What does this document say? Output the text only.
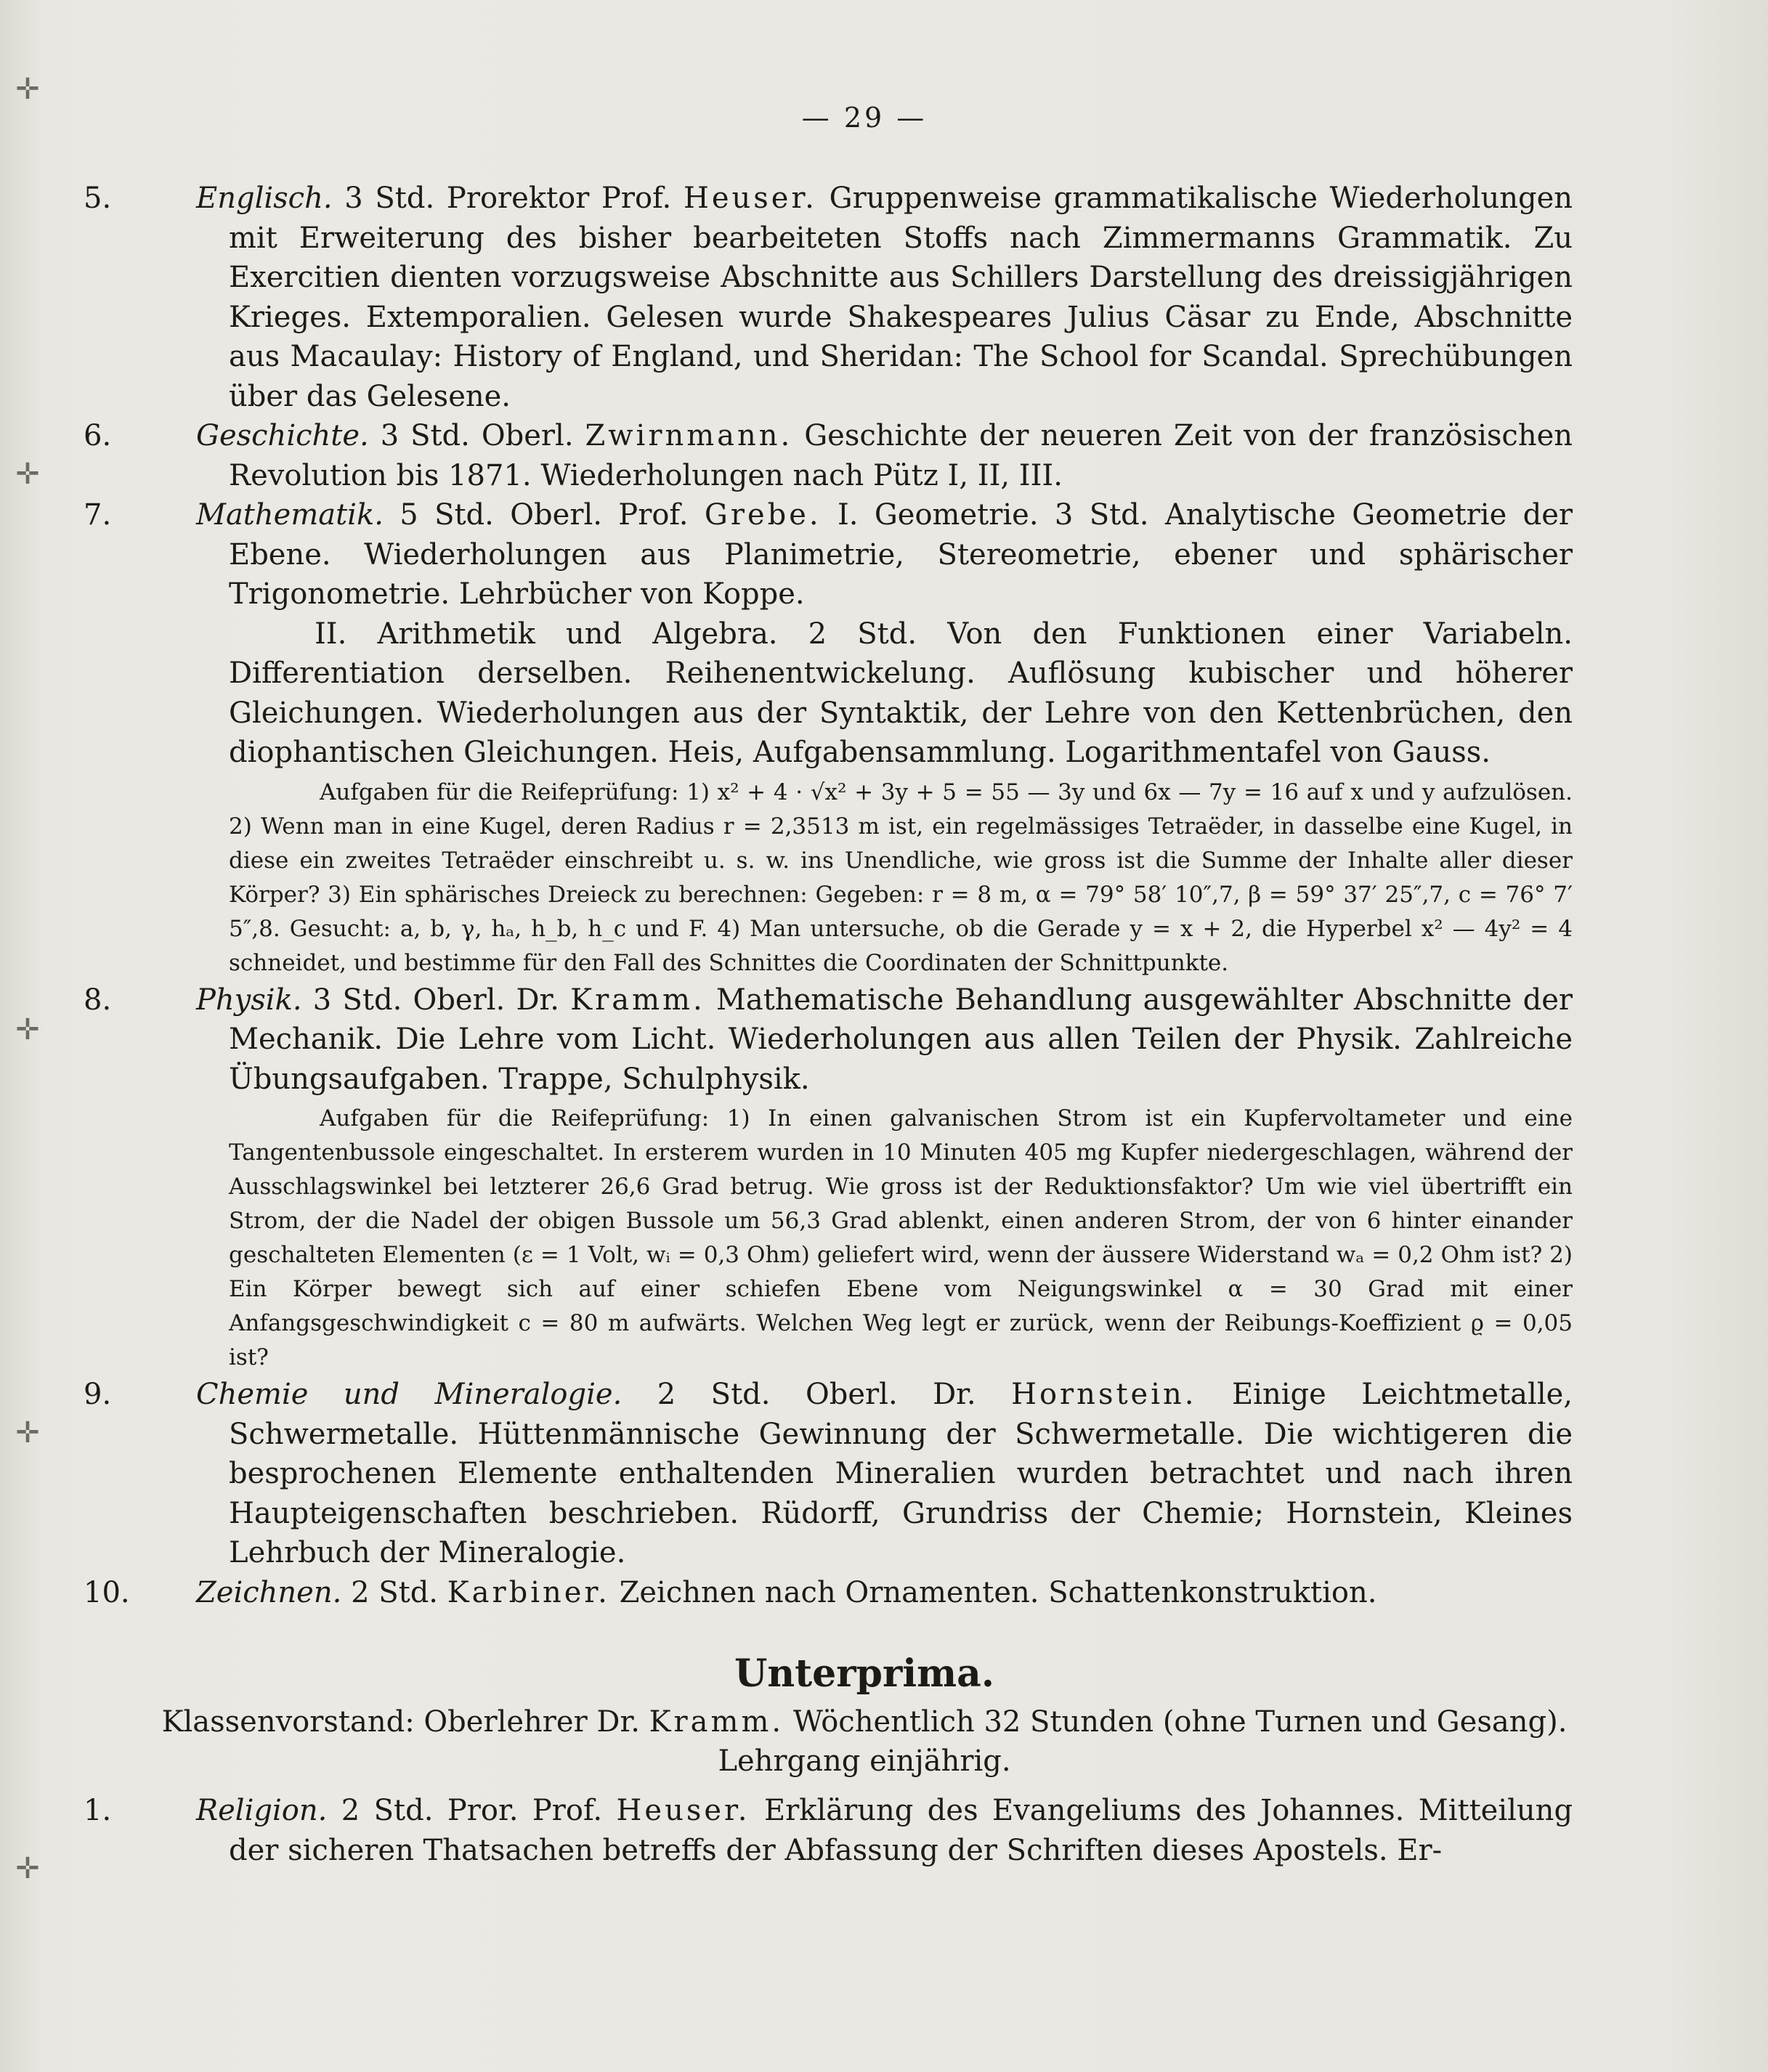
✛
✛
✛
✛
✛
— 29 —

5.	Englisch. 3 Std. Prorektor Prof. Heuser. Gruppenweise grammatikalische Wiederholungen mit Erweiterung des bisher bearbeiteten Stoffs nach Zimmermanns Grammatik. Zu Exercitien dienten vorzugsweise Abschnitte aus Schillers Darstellung des dreissigjährigen Krieges. Extemporalien. Gelesen wurde Shakespeares Julius Cäsar zu Ende, Abschnitte aus Macaulay: History of England, und Sheridan: The School for Scandal. Sprechübungen über das Gelesene.

6.	Geschichte. 3 Std. Oberl. Zwirnmann. Geschichte der neueren Zeit von der französischen Revolution bis 1871. Wiederholungen nach Pütz I, II, III.

7.	Mathematik. 5 Std. Oberl. Prof. Grebe. I. Geometrie. 3 Std. Analytische Geometrie der Ebene. Wiederholungen aus Planimetrie, Stereometrie, ebener und sphärischer Trigonometrie. Lehrbücher von Koppe.

II. Arithmetik und Algebra. 2 Std. Von den Funktionen einer Variabeln. Differentiation derselben. Reihenentwickelung. Auflösung kubischer und höherer Gleichungen. Wiederholungen aus der Syntaktik, der Lehre von den Kettenbrüchen, den diophantischen Gleichungen. Heis, Aufgabensammlung. Logarithmentafel von Gauss.

Aufgaben für die Reifeprüfung: 1) x² + 4 · √x² + 3y + 5 = 55 — 3y und 6x — 7y = 16 auf x und y aufzulösen. 2) Wenn man in eine Kugel, deren Radius r = 2,3513 m ist, ein regelmässiges Tetraëder, in dasselbe eine Kugel, in diese ein zweites Tetraëder einschreibt u. s. w. ins Unendliche, wie gross ist die Summe der Inhalte aller dieser Körper? 3) Ein sphärisches Dreieck zu berechnen: Gegeben: r = 8 m, α = 79° 58′ 10″,7, β = 59° 37′ 25″,7, c = 76° 7′ 5″,8. Gesucht: a, b, γ, hₐ, h_b, h_c und F. 4) Man untersuche, ob die Gerade y = x + 2, die Hyperbel x² — 4y² = 4 schneidet, und bestimme für den Fall des Schnittes die Coordinaten der Schnittpunkte.

8.	Physik. 3 Std. Oberl. Dr. Kramm. Mathematische Behandlung ausgewählter Abschnitte der Mechanik. Die Lehre vom Licht. Wiederholungen aus allen Teilen der Physik. Zahlreiche Übungsaufgaben. Trappe, Schulphysik.

Aufgaben für die Reifeprüfung: 1) In einen galvanischen Strom ist ein Kupfervoltameter und eine Tangentenbussole eingeschaltet. In ersterem wurden in 10 Minuten 405 mg Kupfer niedergeschlagen, während der Ausschlagswinkel bei letzterer 26,6 Grad betrug. Wie gross ist der Reduktionsfaktor? Um wie viel übertrifft ein Strom, der die Nadel der obigen Bussole um 56,3 Grad ablenkt, einen anderen Strom, der von 6 hinter einander geschalteten Elementen (ε = 1 Volt, wᵢ = 0,3 Ohm) geliefert wird, wenn der äussere Widerstand wₐ = 0,2 Ohm ist? 2) Ein Körper bewegt sich auf einer schiefen Ebene vom Neigungswinkel α = 30 Grad mit einer Anfangsgeschwindigkeit c = 80 m aufwärts. Welchen Weg legt er zurück, wenn der Reibungs-Koeffizient ϱ = 0,05 ist?

9.	Chemie und Mineralogie. 2 Std. Oberl. Dr. Hornstein. Einige Leichtmetalle, Schwermetalle. Hüttenmännische Gewinnung der Schwermetalle. Die wichtigeren die besprochenen Elemente enthaltenden Mineralien wurden betrachtet und nach ihren Haupteigenschaften beschrieben. Rüdorff, Grundriss der Chemie; Hornstein, Kleines Lehrbuch der Mineralogie.

10. Zeichnen. 2 Std. Karbiner. Zeichnen nach Ornamenten. Schattenkonstruktion.

Unterprima.

Klassenvorstand: Oberlehrer Dr. Kramm. Wöchentlich 32 Stunden (ohne Turnen und Gesang).

Lehrgang einjährig.

1.	Religion. 2 Std. Pror. Prof. Heuser. Erklärung des Evangeliums des Johannes. Mitteilung der sicheren Thatsachen betreffs der Abfassung der Schriften dieses Apostels. Er-
